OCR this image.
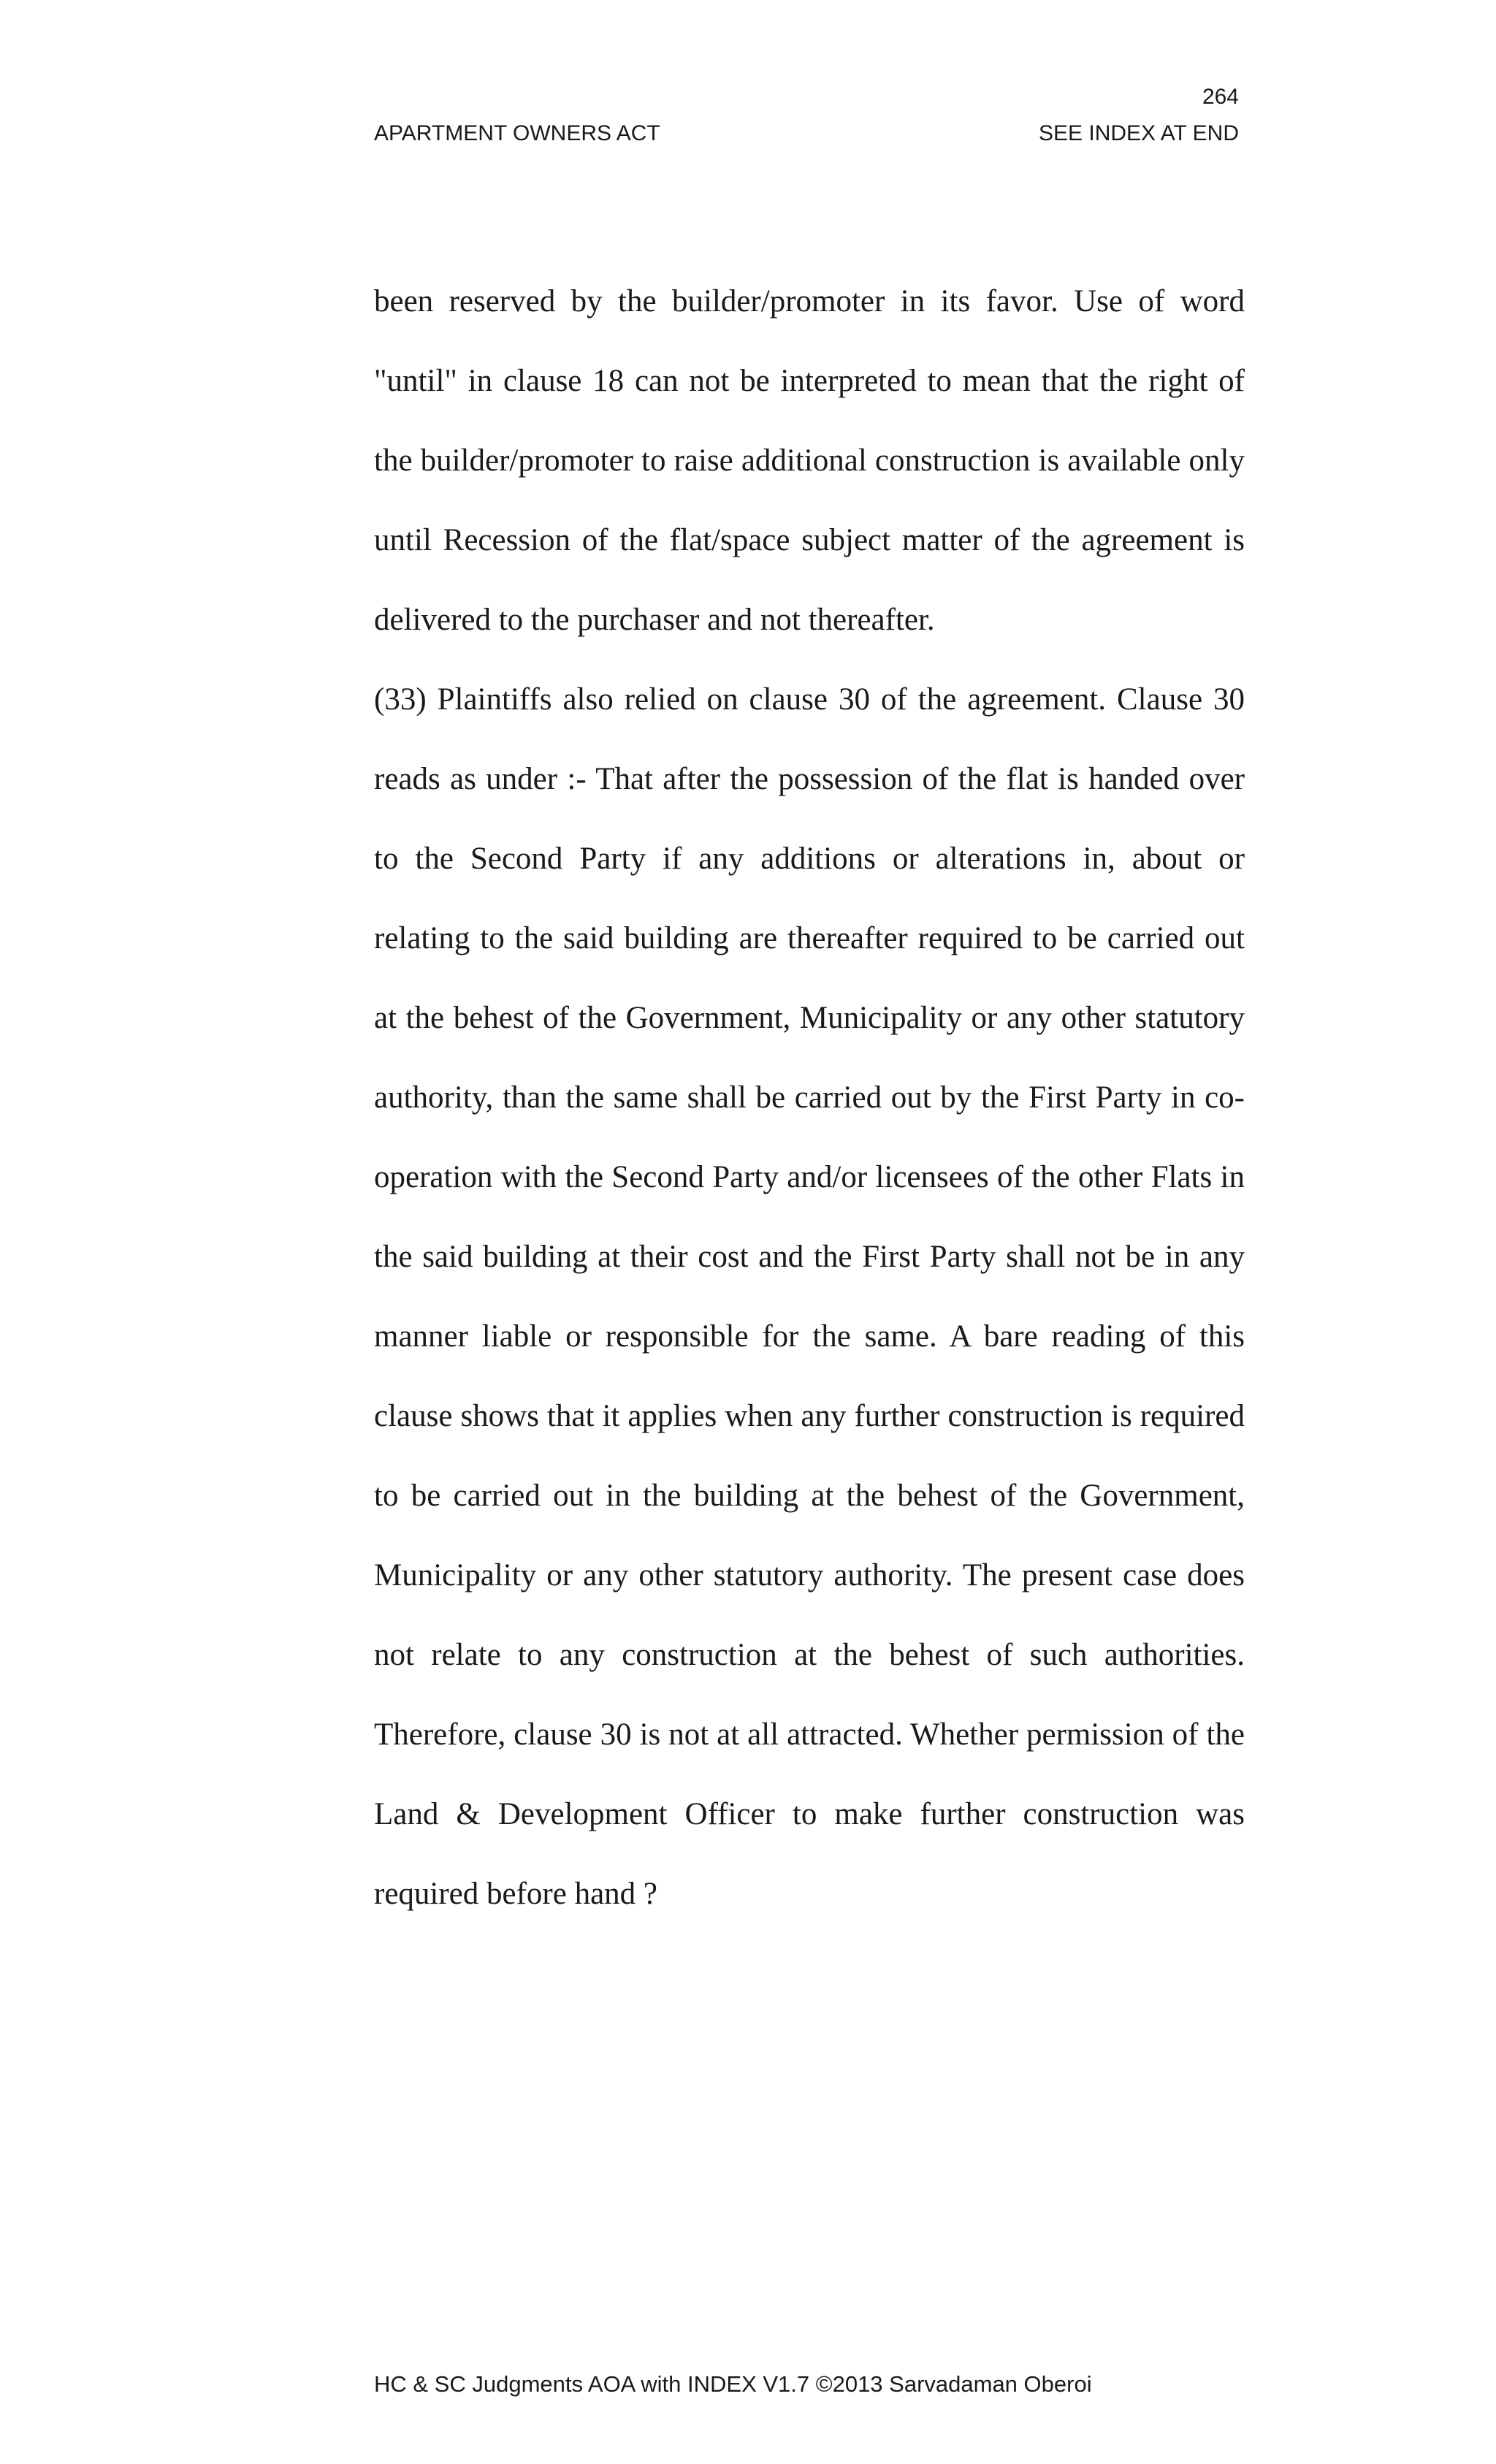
264
APARTMENT OWNERS ACT	SEE INDEX AT END

been reserved by the builder/promoter in its favor. Use of word "until" in clause 18 can not be interpreted to mean that the right of the builder/promoter to raise additional construction is available only until Recession of the flat/space subject matter of the agreement is delivered to the purchaser and not thereafter.

(33) Plaintiffs also relied on clause 30 of the agreement. Clause 30 reads as under :- That after the possession of the flat is handed over to the Second Party if any additions or alterations in, about or relating to the said building are thereafter required to be carried out at the behest of the Government, Municipality or any other statutory authority, than the same shall be carried out by the First Party in co-operation with the Second Party and/or licensees of the other Flats in the said building at their cost and the First Party shall not be in any manner liable or responsible for the same. A bare reading of this clause shows that it applies when any further construction is required to be carried out in the building at the behest of the Government, Municipality or any other statutory authority. The present case does not relate to any construction at the behest of such authorities. Therefore, clause 30 is not at all attracted. Whether permission of the Land & Development Officer to make further construction was required before hand ?

HC & SC Judgments AOA with INDEX V1.7 ©2013 Sarvadaman Oberoi
